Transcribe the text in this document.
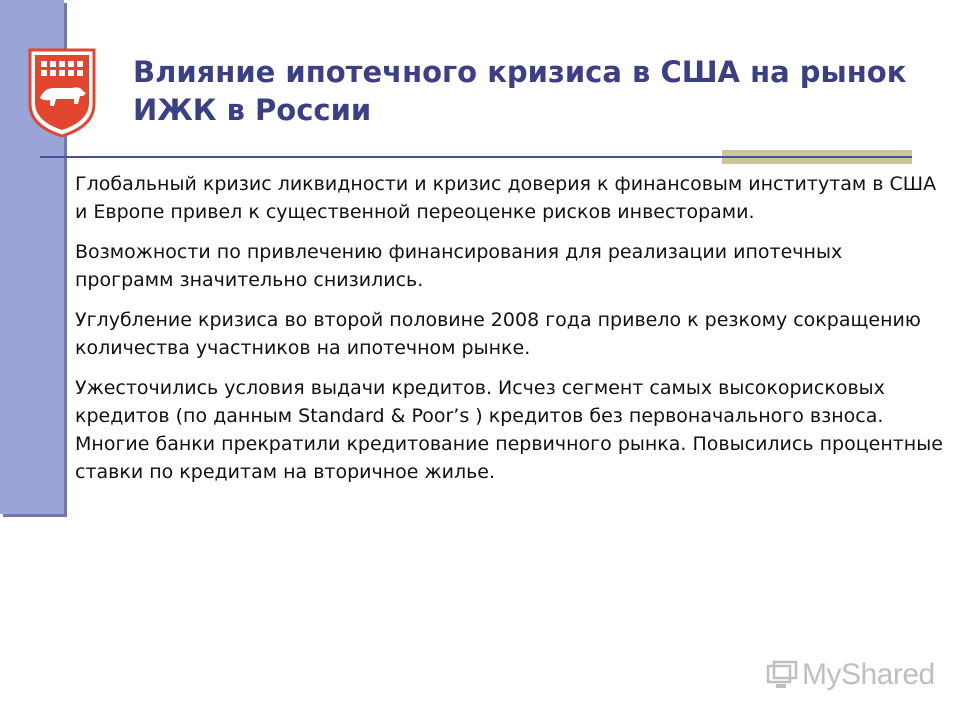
Влияние ипотечного кризиса в США на рынок ИЖК в России

Глобальный кризис ликвидности и кризис доверия к финансовым институтам в США и Европе привел к существенной переоценке рисков инвесторами.

Возможности по привлечению финансирования для реализации ипотечных программ значительно снизились.

Углубление кризиса во второй половине 2008 года привело к резкому сокращению количества участников на ипотечном рынке.

Ужесточились условия выдачи кредитов. Исчез сегмент самых высокорисковых кредитов (по данным Standard & Poor’s ) кредитов без первоначального взноса. Многие банки прекратили кредитование первичного рынка. Повысились процентные ставки по кредитам на вторичное жилье.

MyShared
